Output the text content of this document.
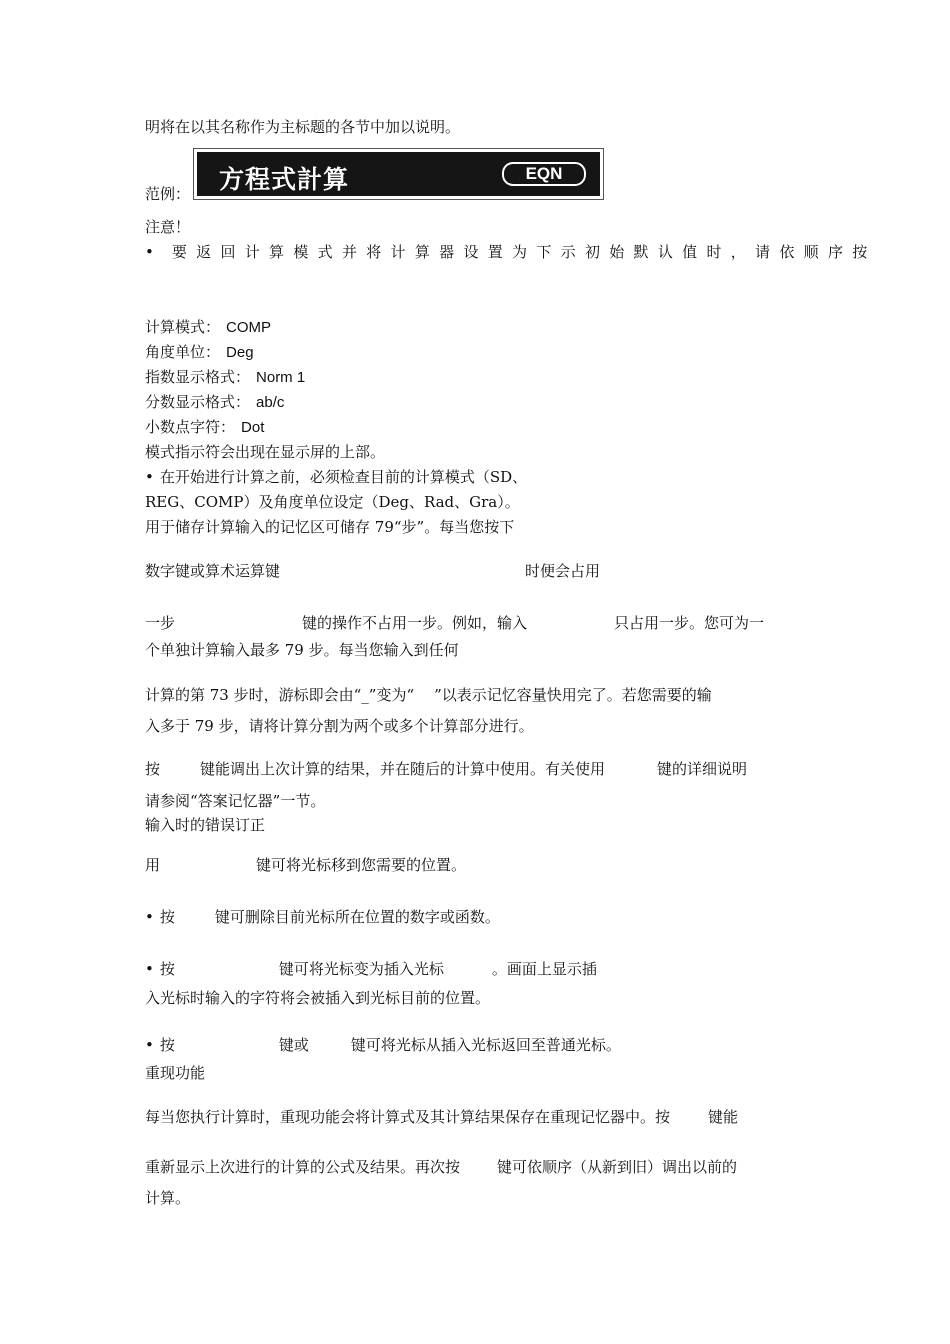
明将在以其名称作为主标题的各节中加以说明。
范例： 方程式計算	EQN
注意！
• 要返回计算模式并将计算器设置为下示初始默认值时，请依顺序按
计算模式： COMP
角度单位： Deg
指数显示格式： Norm 1
分数显示格式： ab/c
小数点字符： Dot
模式指示符会出现在显示屏的上部。
• 在开始进行计算之前，必须检查目前的计算模式（SD、
REG、COMP）及角度单位设定（Deg、Rad、Gra）。
用于储存计算输入的记忆区可储存 79“步”。每当您按下
数字键或算术运算键	时便会占用
一步	键的操作不占用一步。例如，输入	只占用一步。您可为一
个单独计算输入最多 79 步。每当您输入到任何
计算的第 73 步时，游标即会由“_”变为“ ”以表示记忆容量快用完了。若您需要的输
入多于 79 步，请将计算分割为两个或多个计算部分进行。
按	键能调出上次计算的结果，并在随后的计算中使用。有关使用	键的详细说明
请参阅“答案记忆器”一节。
输入时的错误订正
用	键可将光标移到您需要的位置。
• 按	键可删除目前光标所在位置的数字或函数。
• 按	键可将光标变为插入光标	。画面上显示插
入光标时输入的字符将会被插入到光标目前的位置。
• 按	键或	键可将光标从插入光标返回至普通光标。
重现功能
每当您执行计算时，重现功能会将计算式及其计算结果保存在重现记忆器中。按	键能
重新显示上次进行的计算的公式及结果。再次按 键可依顺序（从新到旧）调出以前的
计算。
